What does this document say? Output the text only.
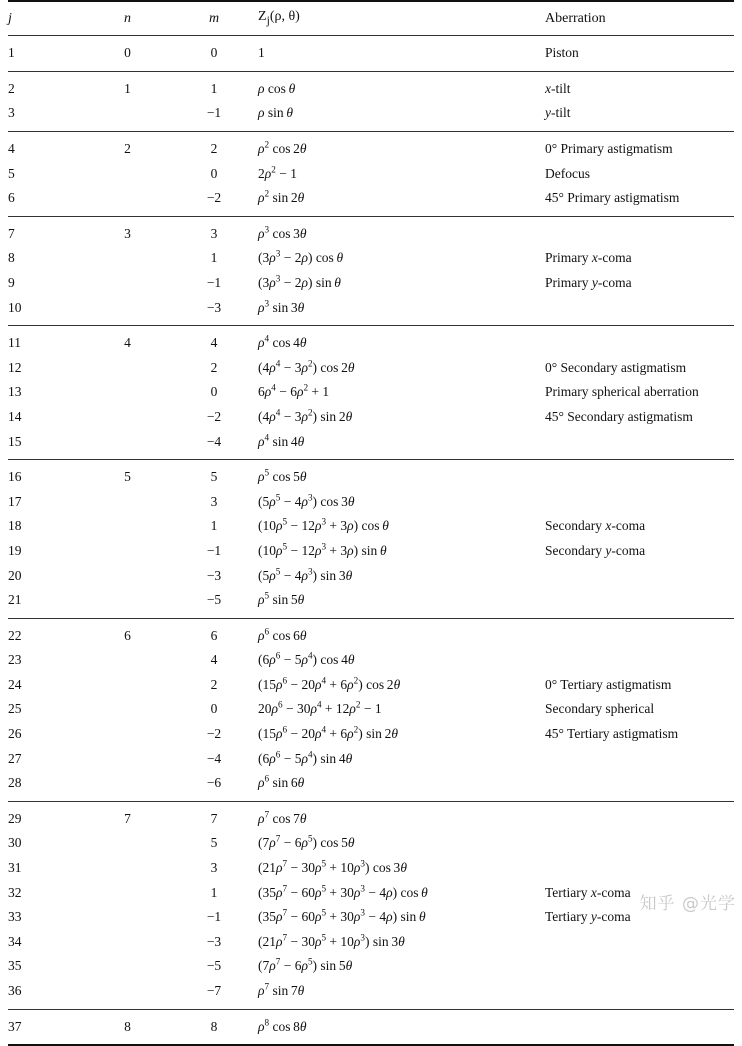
j	n	m	$Z_j(\rho$, θ)	Aberration
1	0	0	1	Piston
2	1	1	ρ cos  θ	x-tilt
3		−1	ρ sin  θ	y-tilt
4	2	2	$\rho^2$ cos 2θ	0° Primary astigmatism
5		0	$2\rho^2 - 1$	Defocus
6		−2	$\rho^2$ sin 2θ	45° Primary astigmatism
7	3	3	$\rho^3$ cos 3θ	
8		1	$(3\rho^3 - 2\rho)$ cos  θ	Primary x-coma
9		−1	$(3\rho^3 - 2\rho)$ sin  θ	Primary y-coma
10		−3	$\rho^3$ sin 3θ	
11	4	4	$\rho^4$ cos 4θ	
12		2	$(4\rho^4 - 3\rho^2)$ cos 2θ	0° Secondary astigmatism
13		0	$6\rho^4 - 6\rho^2 + 1$	Primary spherical aberration
14		−2	$(4\rho^4 - 3\rho^2)$ sin 2θ	45° Secondary astigmatism
15		−4	$\rho^4$ sin 4θ	
16	5	5	$\rho^5$ cos 5θ	
17		3	$(5\rho^5 - 4\rho^3)$ cos 3θ	
18		1	$(10\rho^5 - 12\rho^3 + 3\rho)$ cos  θ	Secondary x-coma
19		−1	$(10\rho^5 - 12\rho^3 + 3\rho)$ sin  θ	Secondary y-coma
20		−3	$(5\rho^5 - 4\rho^3)$ sin 3θ	
21		−5	$\rho^5$ sin 5θ	
22	6	6	$\rho^6$ cos 6θ	
23		4	$(6\rho^6 - 5\rho^4)$ cos 4θ	
24		2	$(15\rho^6 - 20\rho^4 + 6\rho^2)$ cos 2θ	0° Tertiary astigmatism
25		0	$20\rho^6 - 30\rho^4 + 12\rho^2 - 1$	Secondary spherical
26		−2	$(15\rho^6 - 20\rho^4 + 6\rho^2)$ sin 2θ	45° Tertiary astigmatism
27		−4	$(6\rho^6 - 5\rho^4)$ sin 4θ	
28		−6	$\rho^6$ sin 6θ	
29	7	7	$\rho^7$ cos 7θ	
30		5	$(7\rho^7 - 6\rho^5)$ cos 5θ	
31		3	$(21\rho^7 - 30\rho^5 + 10\rho^3)$ cos 3θ	
32		1	$(35\rho^7 - 60\rho^5 + 30\rho^3 - 4\rho)$ cos  θ	Tertiary x-coma
33		−1	$(35\rho^7 - 60\rho^5 + 30\rho^3 - 4\rho)$ sin  θ	Tertiary y-coma
34		−3	$(21\rho^7 - 30\rho^5 + 10\rho^3)$ sin 3θ	
35		−5	$(7\rho^7 - 6\rho^5)$ sin 5θ	
36		−7	$\rho^7$ sin 7θ	
37	8	8	$\rho^8$ cos 8θ	
知乎 @光学
